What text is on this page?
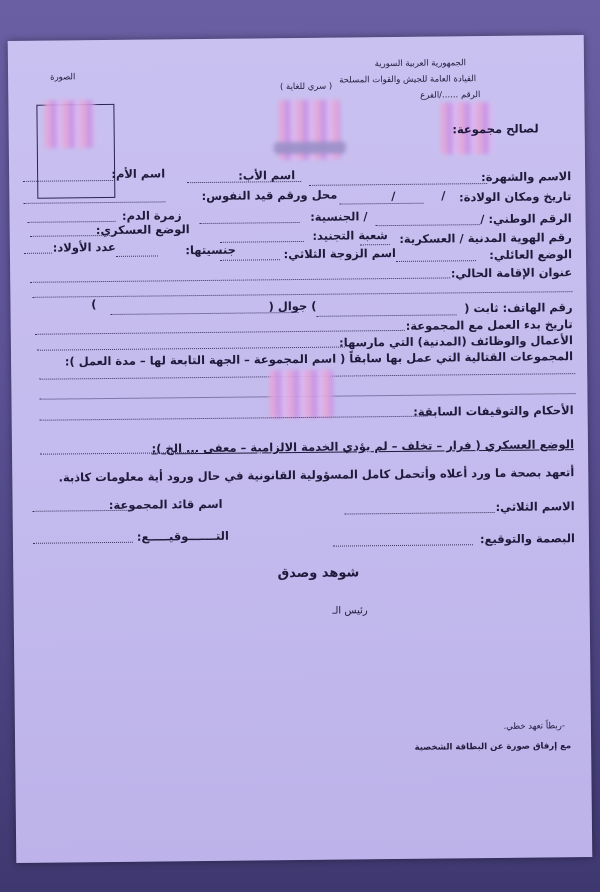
الجمهورية العربية السورية
القيادة العامة للجيش والقوات المسلحة
الرقم ....../الفرع
( سري للغاية )
الصورة
لصالح مجموعة:
الاسم والشهرة:
اسم الأب:
اسم الأم:
تاريخ ومكان الولادة:
/
/
محل ورقم قيد النفوس:
الرقم الوطني: /
/ الجنسية:
زمرة الدم:
رقم الهوية المدنية / العسكرية:
شعبة التجنيد:
الوضع العسكري:
الوضع العائلي:
اسم الزوجة الثلاثي:
جنسيتها:
عدد الأولاد:
عنوان الإقامة الحالي:
رقم الهاتف: ثابت (
) جوال (
)
تاريخ بدء العمل مع المجموعة:
الأعمال والوظائف (المدنية) التي مارسها:
المجموعات القتالية التي عمل بها سابقاً ( اسم المجموعة – الجهة التابعة لها – مدة العمل ):
الأحكام والتوقيفات السابقة:
الوضع العسكري ( فرار – تخلف – لم يؤدي الخدمة الالزامية – معفى ... الخ ):
أتعهد بصحة ما ورد أعلاه وأتحمل كامل المسؤولية القانونية في حال ورود أية معلومات كاذبة.
الاسم الثلاثي:
اسم قائد المجموعة:
البصمة والتوقيع:
التـــــــوقيـــــع:
شوهد وصدق
رئيس الـ
-ربطاً تعهد خطي.
مع إرفاق صورة عن البطاقة الشخصية
